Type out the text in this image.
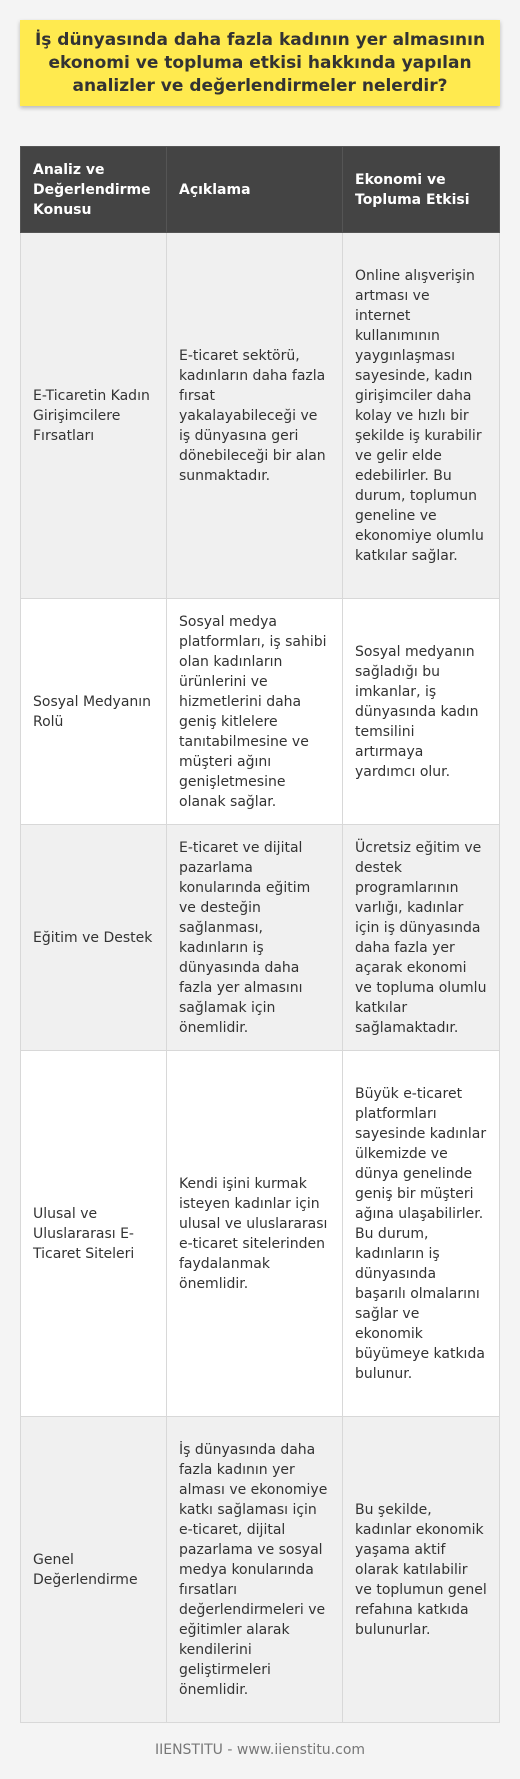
İş dünyasında daha fazla kadının yer almasının ekonomi ve topluma etkisi hakkında yapılan analizler ve değerlendirmeler nelerdir?
Analiz ve Değerlendirme Konusu	Açıklama	Ekonomi ve Topluma Etkisi
E-Ticaretin Kadın Girişimcilere Fırsatları	E-ticaret sektörü, kadınların daha fazla fırsat yakalayabileceği ve iş dünyasına geri dönebileceği bir alan sunmaktadır.	Online alışverişin artması ve internet kullanımının yaygınlaşması sayesinde, kadın girişimciler daha kolay ve hızlı bir şekilde iş kurabilir ve gelir elde edebilirler. Bu durum, toplumun geneline ve ekonomiye olumlu katkılar sağlar.
Sosyal Medyanın Rolü	Sosyal medya platformları, iş sahibi olan kadınların ürünlerini ve hizmetlerini daha geniş kitlelere tanıtabilmesine ve müşteri ağını genişletmesine olanak sağlar.	Sosyal medyanın sağladığı bu imkanlar, iş dünyasında kadın temsilini artırmaya yardımcı olur.
Eğitim ve Destek	E-ticaret ve dijital pazarlama konularında eğitim ve desteğin sağlanması, kadınların iş dünyasında daha fazla yer almasını sağlamak için önemlidir.	Ücretsiz eğitim ve destek programlarının varlığı, kadınlar için iş dünyasında daha fazla yer açarak ekonomi ve topluma olumlu katkılar sağlamaktadır.
Ulusal ve Uluslararası E-Ticaret Siteleri	Kendi işini kurmak isteyen kadınlar için ulusal ve uluslararası e-ticaret sitelerinden faydalanmak önemlidir.	Büyük e-ticaret platformları sayesinde kadınlar ülkemizde ve dünya genelinde geniş bir müşteri ağına ulaşabilirler. Bu durum, kadınların iş dünyasında başarılı olmalarını sağlar ve ekonomik büyümeye katkıda bulunur.
Genel Değerlendirme	İş dünyasında daha fazla kadının yer alması ve ekonomiye katkı sağlaması için e-ticaret, dijital pazarlama ve sosyal medya konularında fırsatları değerlendirmeleri ve eğitimler alarak kendilerini geliştirmeleri önemlidir.	Bu şekilde, kadınlar ekonomik yaşama aktif olarak katılabilir ve toplumun genel refahına katkıda bulunurlar.
IIENSTITU - www.iienstitu.com
